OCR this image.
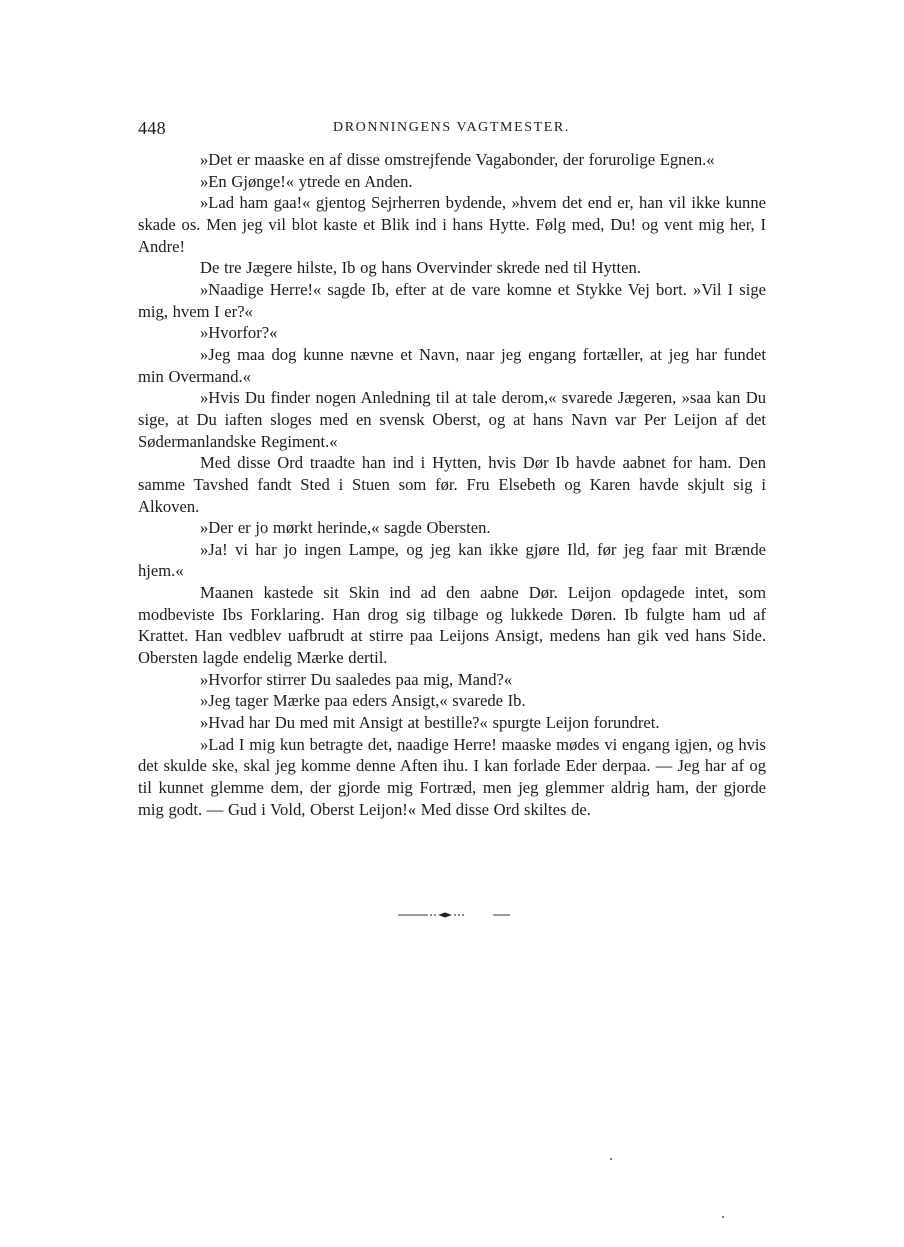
448	DRONNINGENS VAGTMESTER.

»Det er maaske en af disse omstrejfende Vagabonder, der forurolige Egnen.«

»En Gjønge!« ytrede en Anden.

»Lad ham gaa!« gjentog Sejrherren bydende, »hvem det end er, han vil ikke kunne skade os. Men jeg vil blot kaste et Blik ind i hans Hytte. Følg med, Du! og vent mig her, I Andre!

De tre Jægere hilste, Ib og hans Overvinder skrede ned til Hytten.

»Naadige Herre!« sagde Ib, efter at de vare komne et Stykke Vej bort. »Vil I sige mig, hvem I er?«

»Hvorfor?«

»Jeg maa dog kunne nævne et Navn, naar jeg engang fortæller, at jeg har fundet min Overmand.«

»Hvis Du finder nogen Anledning til at tale derom,« svarede Jægeren, »saa kan Du sige, at Du iaften sloges med en svensk Oberst, og at hans Navn var Per Leijon af det Sødermanlandske Regiment.«

Med disse Ord traadte han ind i Hytten, hvis Dør Ib havde aabnet for ham. Den samme Tavshed fandt Sted i Stuen som før. Fru Elsebeth og Karen havde skjult sig i Alkoven.

»Der er jo mørkt herinde,« sagde Obersten.

»Ja! vi har jo ingen Lampe, og jeg kan ikke gjøre Ild, før jeg faar mit Brænde hjem.«

Maanen kastede sit Skin ind ad den aabne Dør. Leijon opdagede intet, som modbeviste Ibs Forklaring. Han drog sig tilbage og lukkede Døren. Ib fulgte ham ud af Krattet. Han vedblev uafbrudt at stirre paa Leijons Ansigt, medens han gik ved hans Side. Obersten lagde endelig Mærke dertil.

»Hvorfor stirrer Du saaledes paa mig, Mand?«

»Jeg tager Mærke paa eders Ansigt,« svarede Ib.

»Hvad har Du med mit Ansigt at bestille?« spurgte Leijon forundret.

»Lad I mig kun betragte det, naadige Herre! maaske mødes vi engang igjen, og hvis det skulde ske, skal jeg komme denne Aften ihu. I kan forlade Eder derpaa. — Jeg har af og til kunnet glemme dem, der gjorde mig Fortræd, men jeg glemmer aldrig ham, der gjorde mig godt. — Gud i Vold, Oberst Leijon!« Med disse Ord skiltes de.
